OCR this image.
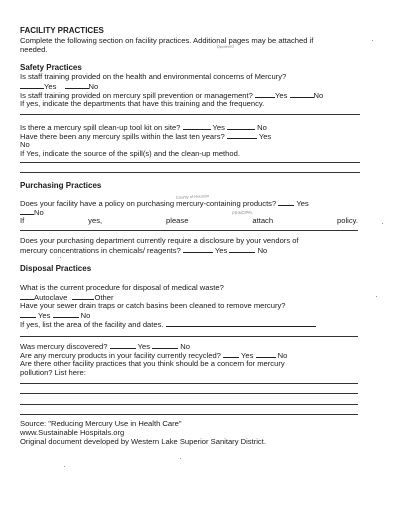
FACILITY PRACTICES
Complete the following section on facility practices. Additional pages may be attached if
needed.
Safety Practices
Is staff training provided on the health and environmental concerns of Mercury?
Yes	No
Is staff training provided on mercury spill prevention or management?	Yes	No
If yes, indicate the departments that have this training and the frequency.
Is there a mercury spill clean-up tool kit on site?	Yes	No
Have there been any mercury spills within the last ten years?	Yes
No
If Yes, indicate the source of the spill(s) and the clean-up method.
Purchasing Practices
Does your facility have a policy on purchasing mercury-containing products?	Yes
No
If	yes,	please	attach	policy.
Does your purchasing department currently require a disclosure by your vendors of
mercury concentrations in chemicals/ reagents?	Yes	No
Disposal Practices
What is the current procedure for disposal of medical waste?
Autoclave	Other
Have your sewer drain traps or catch basins been cleaned to remove mercury?
Yes	No
If yes, list the area of the facility and dates.
Was mercury discovered?	Yes	No
Are any mercury products in your facility currently recycled?	Yes	No
Are there other facility practices that you think should be a concern for mercury
pollution? List here:
Source: "Reducing Mercury Use in Health Care"
www.Sustainable Hospitals.org
Original document developed by Western Lake Superior Sanitary District.
Received
County of Houston
PRINCIPAL
